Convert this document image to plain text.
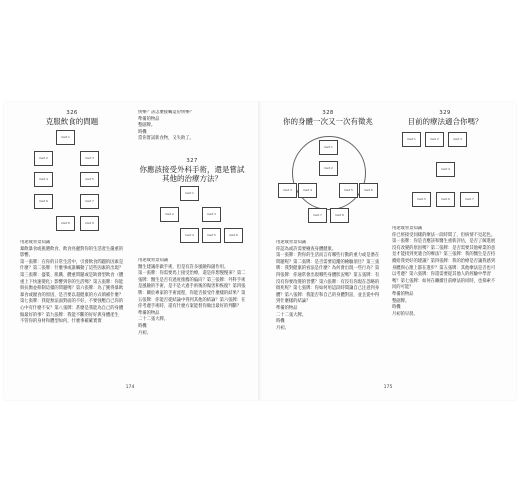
326
克服飲食的問題
Card 1
Card 2	Card 3
Card 4	Card 5
Card 6	Card 7
Card 8	Card 9
用途或背景知識
暴飲暴食或挑選飲食，飲食亮麗對你的生活產生嚴重的影響。
第一張牌：在你的日常生活中，引發飲食問題的因素是什麼？第二張牌：什麼事或誰觸動了這些因素的出現？第三張牌：盛裝、肌餓、體重問題或是缺發型飲食（體重上下快速變化）影響到你的生活嗎？第五張牌：你能與抗衡並抑制這樣的問題嗎？第六張牌：為了獲得暴飲暴食或厭食的原因，是否要以超健康的方式填補什麼？第七張牌：我從無法面對面的不好，不要強壓自己你的心中有什麼不安？第八張牌：甚麼是我能為自己的身體做最好的事？第九張牌：我能不斷的好好與身體產生
不管你的身材和體型如何，什麼事確確實實
快樂？該怎麼接觸這份快樂？
準備的物品
整副牌。
時機
當你嘗試新食物，又失敗了。
327
你應該接受外科手術，還是嘗試其他的治療方法？
Card 1
Card 2	Card 3
Card 4	Card 5	Card 6
用途或背景知識
醫生建議你做手術，但是有許多風險和副作用。
第一張牌：你需要馬上接受治療，還是你想慢慢來？第二張牌：醫生是否有過度推薦的偏向？第三張牌：外科手術是風險的手術，是不是大過手術後的傷害和恢復？第四張牌：關於專家的手術流程，你能否接受什麼樣的結果？第五張牌：你能否從結論中得到其他的結論？第六張牌：在你考慮手術時，還有什麼方案能替你做出最好的判斷？
準備的物品
二十二張大牌。
時機
月初。
174
328
你的身體一次又一次有徵兆
Card 1
Card 2
Card 3	Card 4	Card 5	Card 6
Card 7	Card 8
用途或背景知識
你認為或許需要檢查身體健康。
第一張牌：對你的生活而言有哪些行動的重力或是潛在問題呢？第二張牌：是否需要追蹤的檢驗項目？第三張牌：我對健康的看法是什麼？為何會出現一些行為？第四張牌：你通常會出現哪些身體狀況嗎？第五張牌：有沒有你要改變的習慣？第六張牌：有沒有你現在忽略的徵兆呢？第七張牌：你如何用這段時間讓自己注意到身體？第八張牌：我能否和自己的身體對話，並且從中得到什麼樣的結論？
準備的物品
二十二張大牌。
時機
月初。
329
目前的療法適合你嗎？
Card 1	Card 2	Card 3
Card 4
Card 5	Card 6	Card 7
用途或背景知識
你已經接受同樣的療法一段時間了，但病情不見起色。
第一張牌：你是否應該和醫生重新評估，是否了解進展沒有改變的原因嗎？第二張牌：是否需要其他專業的意見才能找到更適合的療法？第三張牌：我的醫生是否持續給我更好的建議？第四張牌：我的治療是否讓我感到身體與心理上都在進步？第五張牌：其他療法是否也可以考慮？第六張牌：你還需要從其他人的經驗中學習嗎？第七張牌：如何在繼續目前療法的同時，也探索不同的可能？
準備的物品
整副牌。
時機
月初的早晨。
175
